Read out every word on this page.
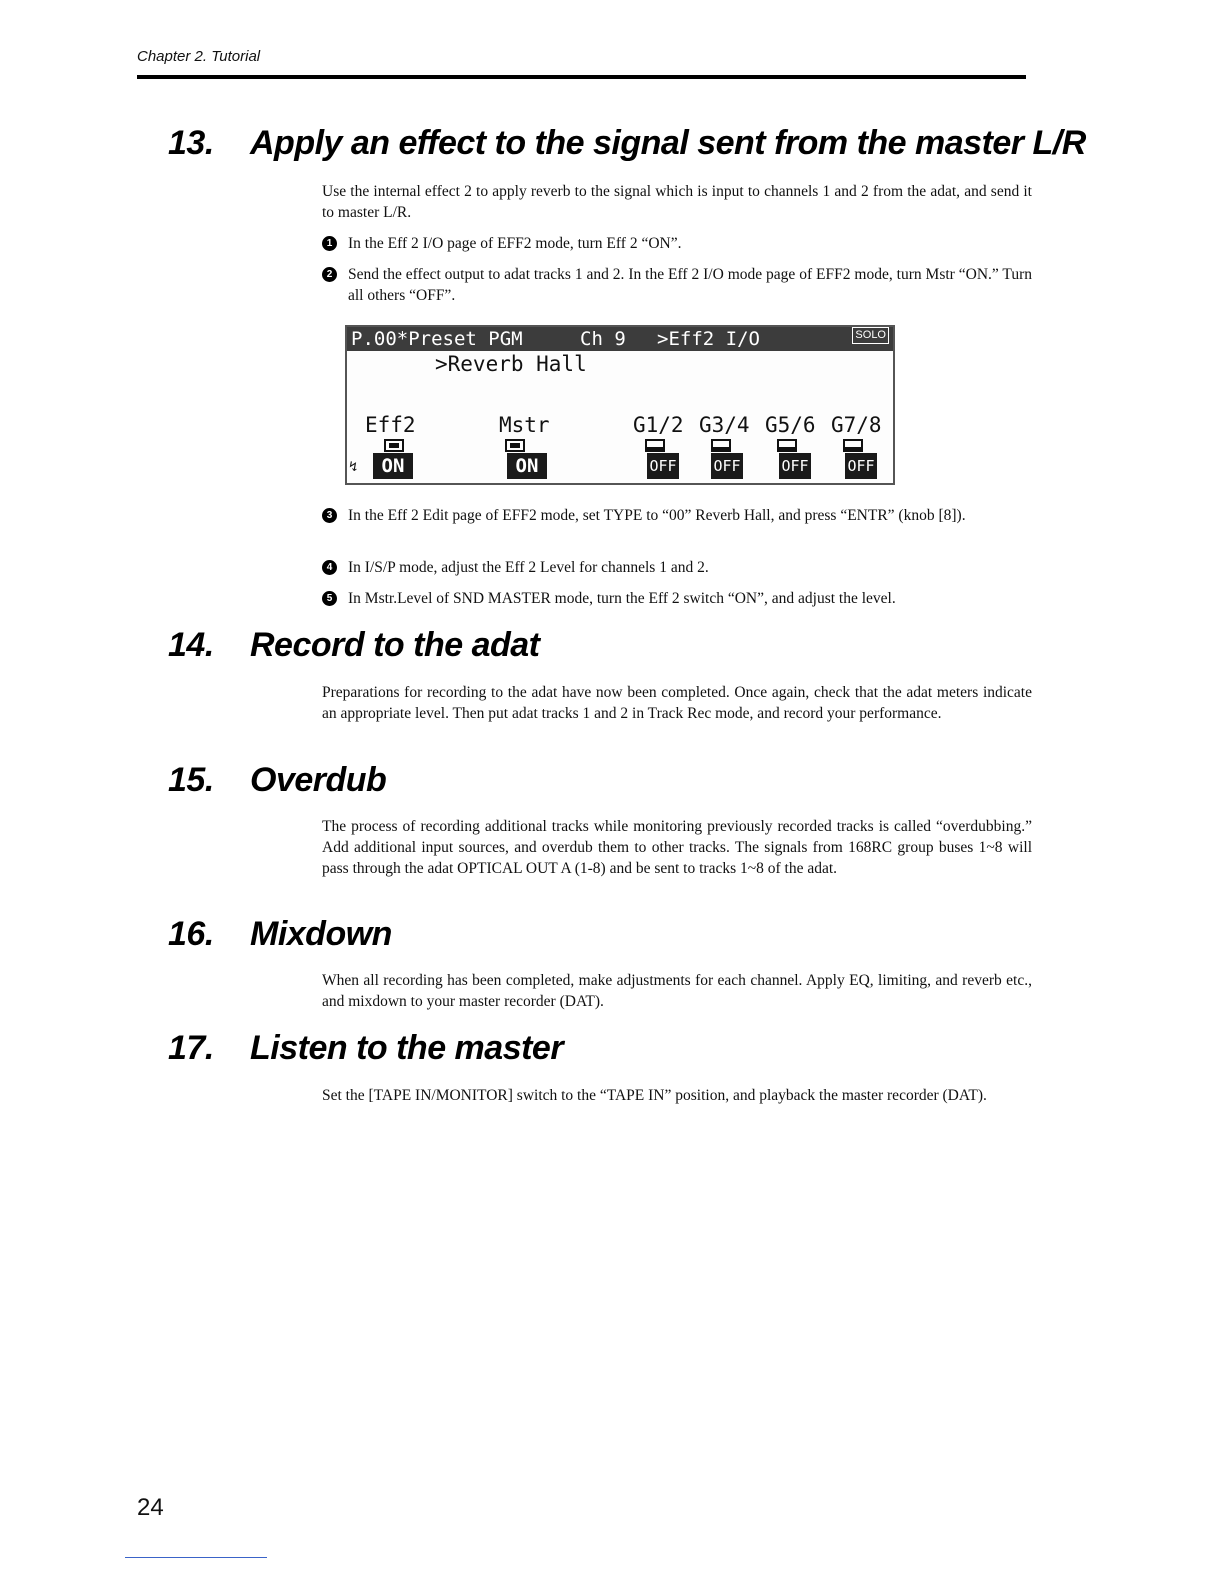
Chapter 2. Tutorial
13. Apply an effect to the signal sent from the master L/R

Use the internal effect 2 to apply reverb to the signal which is input to channels 1 and 2 from the adat, and send it to master L/R.

1	In the Eff 2 I/O page of EFF2 mode, turn Eff 2 “ON”.
2	Send the effect output to adat tracks 1 and 2. In the Eff 2 I/O mode page of EFF2 mode, turn Mstr “ON.” Turn all others “OFF”.

P.00*Preset PGM

	Ch 9

>Eff2 I/O

	SOLO

>Reverb Hall
Eff2	Mstr	G1/2 G3/4 G5/6 G7/8
↯	ON	ON	OFF OFF	OFF	OFF
3	In the Eff 2 Edit page of EFF2 mode, set TYPE to “00” Reverb Hall, and press “ENTR” (knob [8]).
4	In I/S/P mode, adjust the Eff 2 Level for channels 1 and 2.
5	In Mstr.Level of SND MASTER mode, turn the Eff 2 switch “ON”, and adjust the level.
14. Record to the adat

Preparations for recording to the adat have now been completed. Once again, check that the adat meters indicate an appropriate level. Then put adat tracks 1 and 2 in Track Rec mode, and record your performance.

15. Overdub

The process of recording additional tracks while monitoring previously recorded tracks is called “overdubbing.” Add additional input sources, and overdub them to other tracks. The signals from 168RC group buses 1~8 will pass through the adat OPTICAL OUT A (1-8) and be sent to tracks 1~8 of the adat.

16. Mixdown

When all recording has been completed, make adjustments for each channel. Apply EQ, limiting, and reverb etc., and mixdown to your master recorder (DAT).

17. Listen to the master

Set the [TAPE IN/MONITOR] switch to the “TAPE IN” position, and playback the master recorder (DAT).

24
